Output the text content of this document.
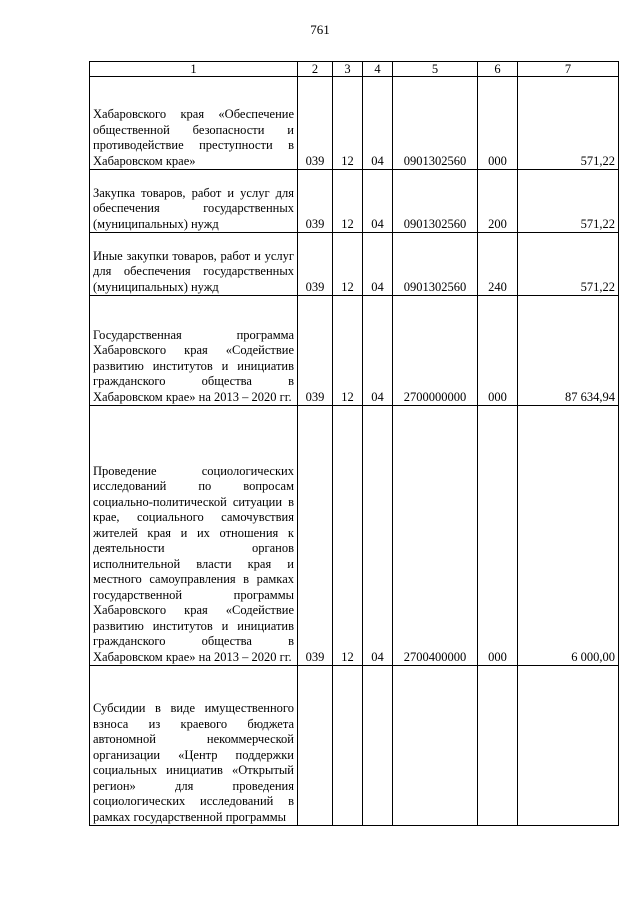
761
1	2	3	4	5	6	7
Хабаровского края «Обеспечение общественной безопасности и противодействие преступности в Хабаровском крае»	039	12	04	0901302560	000	571,22
Закупка товаров, работ и услуг для обеспечения государственных (муниципальных) нужд	039	12	04	0901302560	200	571,22
Иные закупки товаров, работ и услуг для обеспечения государственных (муниципальных) нужд	039	12	04	0901302560	240	571,22
Государственная программа Хабаровского края «Содействие развитию институтов и инициатив гражданского общества в Хабаровском крае» на 2013 – 2020 гг.	039	12	04	2700000000	000	87 634,94
Проведение социологических исследований по вопросам социально-политической ситуации в крае, социального самочувствия жителей края и их отношения к деятельности органов исполнительной власти края и местного самоуправления в рамках государственной программы Хабаровского края «Содействие развитию институтов и инициатив гражданского общества в Хабаровском крае» на 2013 – 2020 гг.	039	12	04	2700400000	000	6 000,00
Субсидии в виде имущественного взноса из краевого бюджета автономной некоммерческой организации «Центр поддержки социальных инициатив «Открытый регион» для проведения социологических исследований в рамках государственной программы						
